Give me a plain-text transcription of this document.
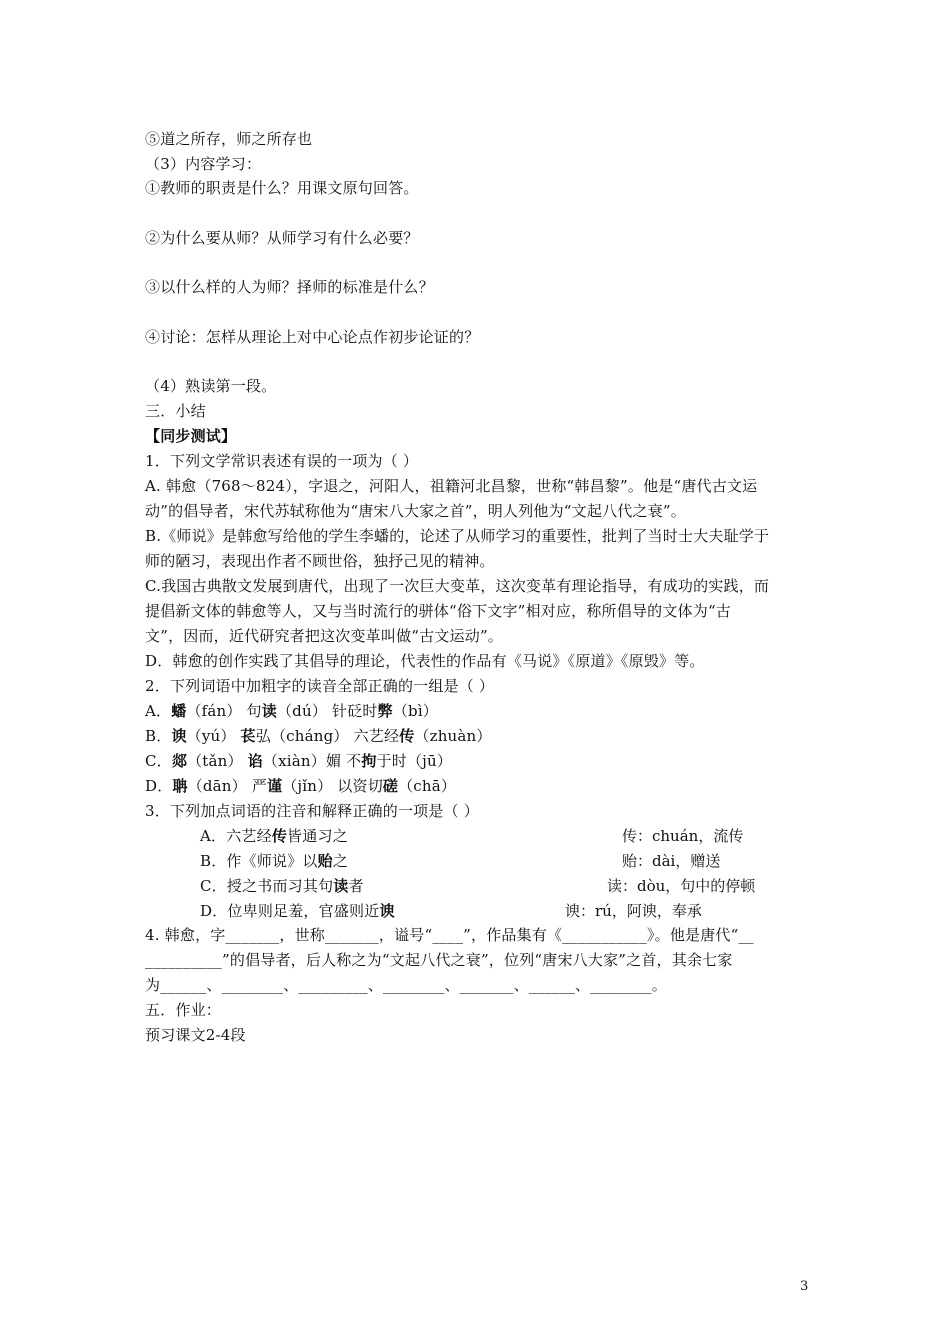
⑤道之所存，师之所存也
（3）内容学习：
①教师的职责是什么？用课文原句回答。
②为什么要从师？从师学习有什么必要？
③以什么样的人为师？择师的标准是什么？
④讨论：怎样从理论上对中心论点作初步论证的？
（4）熟读第一段。
三．小结
【同步测试】
1．下列文学常识表述有误的一项为（ ）
A. 韩愈（768～824），字退之，河阳人，祖籍河北昌黎，世称“韩昌黎”。他是“唐代古文运
动”的倡导者，宋代苏轼称他为“唐宋八大家之首”，明人列他为“文起八代之衰”。
B.《师说》是韩愈写给他的学生李蟠的，论述了从师学习的重要性，批判了当时士大夫耻学于
师的陋习，表现出作者不顾世俗，独抒己见的精神。
C.我国古典散文发展到唐代，出现了一次巨大变革，这次变革有理论指导，有成功的实践，而
提倡新文体的韩愈等人，又与当时流行的骈体“俗下文字”相对应，称所倡导的文体为“古
文”，因而，近代研究者把这次变革叫做“古文运动”。
D．韩愈的创作实践了其倡导的理论，代表性的作品有《马说》《原道》《原毁》等。
2．下列词语中加粗字的读音全部正确的一组是（ ）
A．蟠（fán） 句读（dú） 针砭时弊（bì）
B．谀（yú） 苌弘（cháng） 六艺经传（zhuàn）
C．郯（tǎn） 谄（xiàn）媚 不拘于时（jū）
D．聃（dān） 严谨（jǐn） 以资切磋（chā）
3．下列加点词语的注音和解释正确的一项是（ ）
A．六艺经传皆通习之	传：chuán，流传
B．作《师说》以贻之	贻：dài，赠送
C．授之书而习其句读者	读：dòu，句中的停顿
D．位卑则足羞，官盛则近谀	谀：rú，阿谀，奉承
4. 韩愈，字_______，世称_______，谥号“____”，作品集有《___________》。他是唐代“__
__________”的倡导者，后人称之为“文起八代之衰”，位列“唐宋八大家”之首，其余七家
为______、________、_________、________、_______、______、________。
五．作业：
预习课文2-4段
3
